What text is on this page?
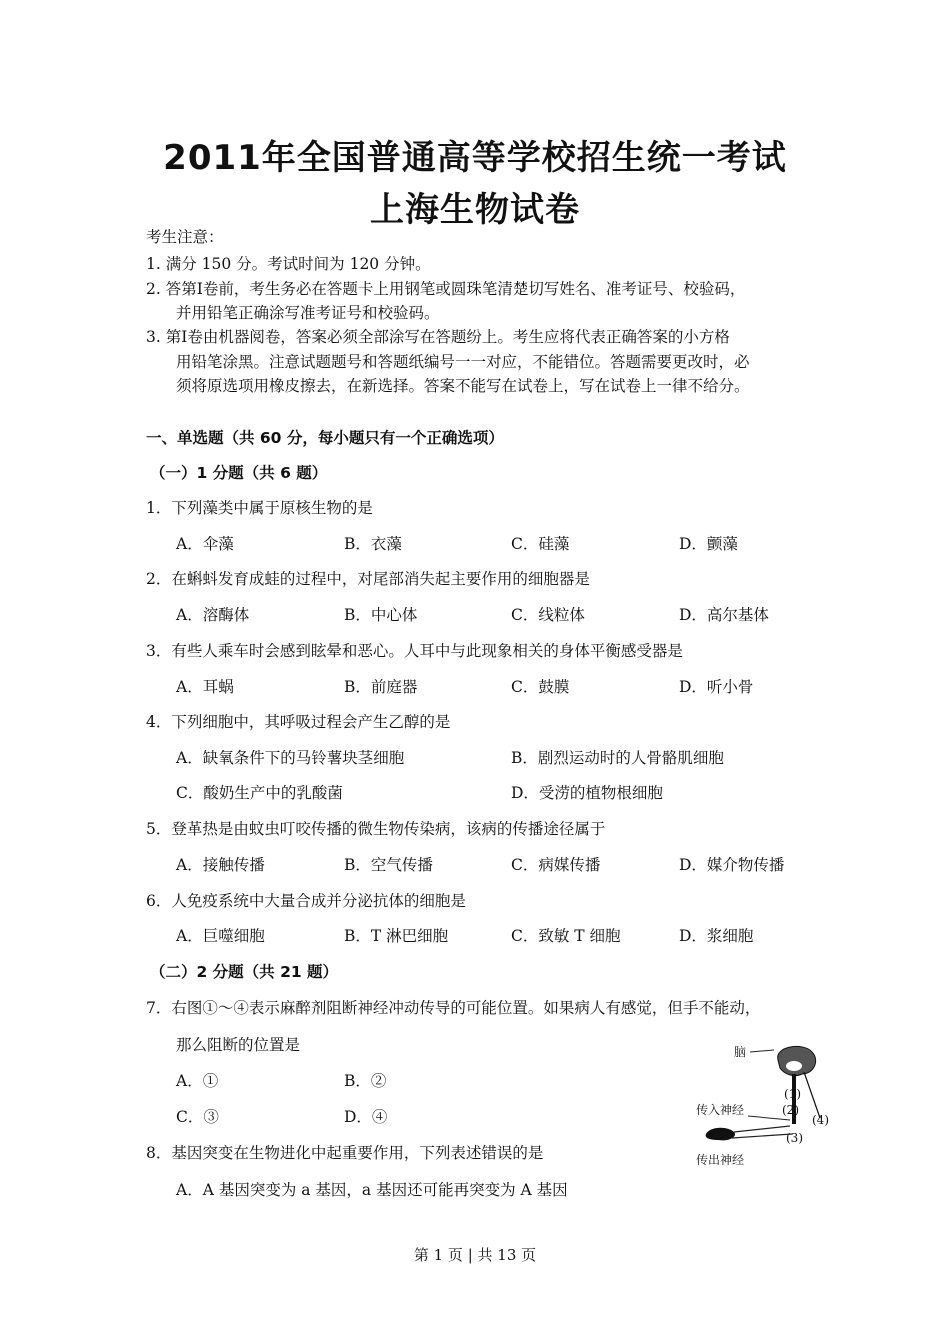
2011年全国普通高等学校招生统一考试
上海生物试卷
考生注意：
1. 满分 150 分。考试时间为 120 分钟。
2. 答第Ⅰ卷前，考生务必在答题卡上用钢笔或圆珠笔清楚切写姓名、准考证号、校验码，
并用铅笔正确涂写准考证号和校验码。
3. 第Ⅰ卷由机器阅卷，答案必须全部涂写在答题纷上。考生应将代表正确答案的小方格
用铅笔涂黑。注意试题题号和答题纸编号一一对应，不能错位。答题需要更改时，必
须将原选项用橡皮擦去，在新选择。答案不能写在试卷上，写在试卷上一律不给分。
一、单选题（共 60 分，每小题只有一个正确选项）
（一）1 分题（共 6 题）
1．下列藻类中属于原核生物的是
A．伞藻	B．衣藻	C．硅藻	D．颤藻
2．在蝌蚪发育成蛙的过程中，对尾部消失起主要作用的细胞器是
A．溶酶体	B．中心体	C．线粒体	D．高尔基体
3．有些人乘车时会感到眩晕和恶心。人耳中与此现象相关的身体平衡感受器是
A．耳蜗	B．前庭器	C．鼓膜	D．听小骨
4．下列细胞中，其呼吸过程会产生乙醇的是
A．缺氧条件下的马铃薯块茎细胞	B．剧烈运动时的人骨骼肌细胞
C．酸奶生产中的乳酸菌	D．受涝的植物根细胞
5．登革热是由蚊虫叮咬传播的微生物传染病，该病的传播途径属于
A．接触传播	B．空气传播	C．病媒传播	D．媒介物传播
6．人免疫系统中大量合成并分泌抗体的细胞是
A．巨噬细胞	B．T 淋巴细胞	C．致敏 T 细胞	D．浆细胞
（二）2 分题（共 21 题）
7．右图①～④表示麻醉剂阻断神经冲动传导的可能位置。如果病人有感觉，但手不能动，
那么阻断的位置是
A．①	B．②
C．③	D．④
脑
(4)
(1)
(2)
(3)
传入神经
传出神经
8．基因突变在生物进化中起重要作用，下列表述错误的是
A．A 基因突变为 a 基因，a 基因还可能再突变为 A 基因
第 1 页 | 共 13 页
